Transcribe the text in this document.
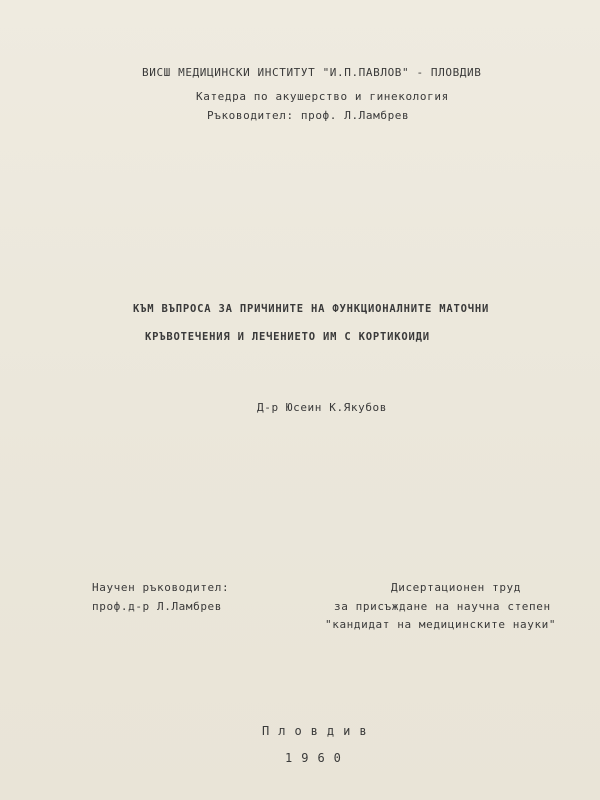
ВИСШ МЕДИЦИНСКИ ИНСТИТУТ "И.П.ПАВЛОВ" - ПЛОВДИВ
Катедра по акушерство и гинекология
Ръководител: проф. Л.Ламбрев
КЪМ ВЪПРОСА ЗА ПРИЧИНИТЕ НА ФУНКЦИОНАЛНИТЕ МАТОЧНИ
КРЪВОТЕЧЕНИЯ И ЛЕЧЕНИЕТО ИМ С КОРТИКОИДИ
Д-р Юсеин К.Якубов
Научен ръководител:
проф.д-р Л.Ламбрев
Дисертационен труд
за присъждане на научна степен
"кандидат на медицинските науки"
Пловдив
1960
